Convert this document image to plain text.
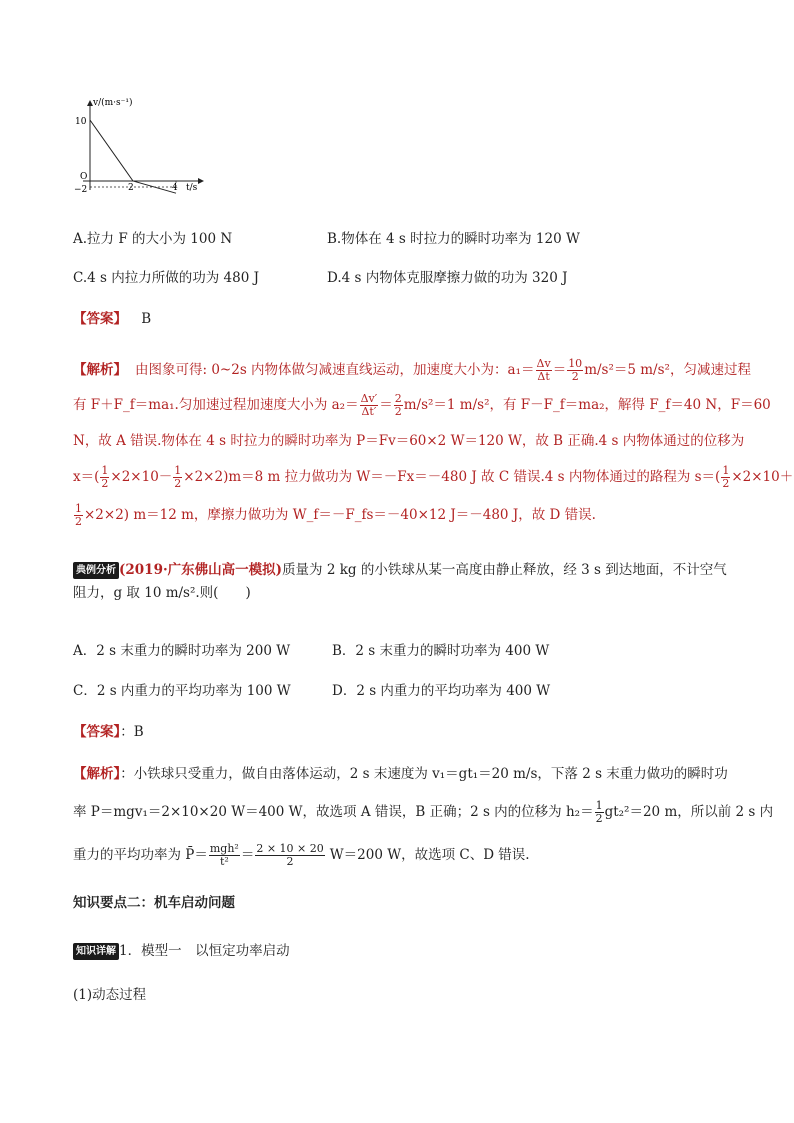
v/(m·s⁻¹)
t/s
O
10
−2	2	4
A.拉力 F 的大小为 100 N	B.物体在 4 s 时拉力的瞬时功率为 120 W
C.4 s 内拉力所做的功为 480 J	D.4 s 内物体克服摩擦力做的功为 320 J
【答案】 B
【解析】 由图象可得: 0~2s 内物体做匀减速直线运动，加速度大小为：$a_1= \frac{\Delta v}{\Delta t} = \frac{10}{2} m/s^2=5$ m/s²，匀减速过程
有 F＋F_f＝ma₁.匀加速过程加速度大小为 $a_2= \frac{\Delta v'}{\Delta t'} = \frac{2}{2} m/s^2=1$ m/s²，有 F－F_f＝ma₂，解得 F_f＝40 N，F＝60
N，故 A 错误.物体在 4 s 时拉力的瞬时功率为 P＝Fv＝60×2 W＝120 W，故 B 正确.4 s 内物体通过的位移为
$x=( \frac{1}{2} \times 2\times 10- \frac{1}{2} \times 2\times 2)m=8$ m 拉力做功为 W＝－Fx＝－480 J 故 C 错误.4 s 内物体通过的路程为 $s=( \frac{1}{2} \times 2\times 10+$
$\frac{1}{2} \times 2\times 2$) m＝12 m，摩擦力做功为 W_f＝－F_fs＝－40×12 J＝－480 J，故 D 错误.
典例分析 (2019·广东佛山高一模拟)质量为 2 kg 的小铁球从某一高度由静止释放，经 3 s 到达地面，不计空气
阻力，g 取 10 m/s².则(　　)
A．2 s 末重力的瞬时功率为 200 W	B．2 s 末重力的瞬时功率为 400 W
C．2 s 内重力的平均功率为 100 W	D．2 s 内重力的平均功率为 400 W
【答案】：B
【解析】：小铁球只受重力，做自由落体运动，2 s 末速度为 v₁＝gt₁＝20 m/s，下落 2 s 末重力做功的瞬时功
率 P＝mgv₁＝2×10×20 W＝400 W，故选项 A 错误，B 正确；2 s 内的位移为 $h_2= \frac{1}{2} gt_2^2=20$ m，所以前 2 s 内
重力的平均功率为 P̄＝ $\frac{\text{mgh²}}{\text{t²}} = \frac{2 \times 10 \times 20}{2} W=200$ W，故选项 C、D 错误.
知识要点二：机车启动问题
知识详解 1．模型一　以恒定功率启动
(1)动态过程
